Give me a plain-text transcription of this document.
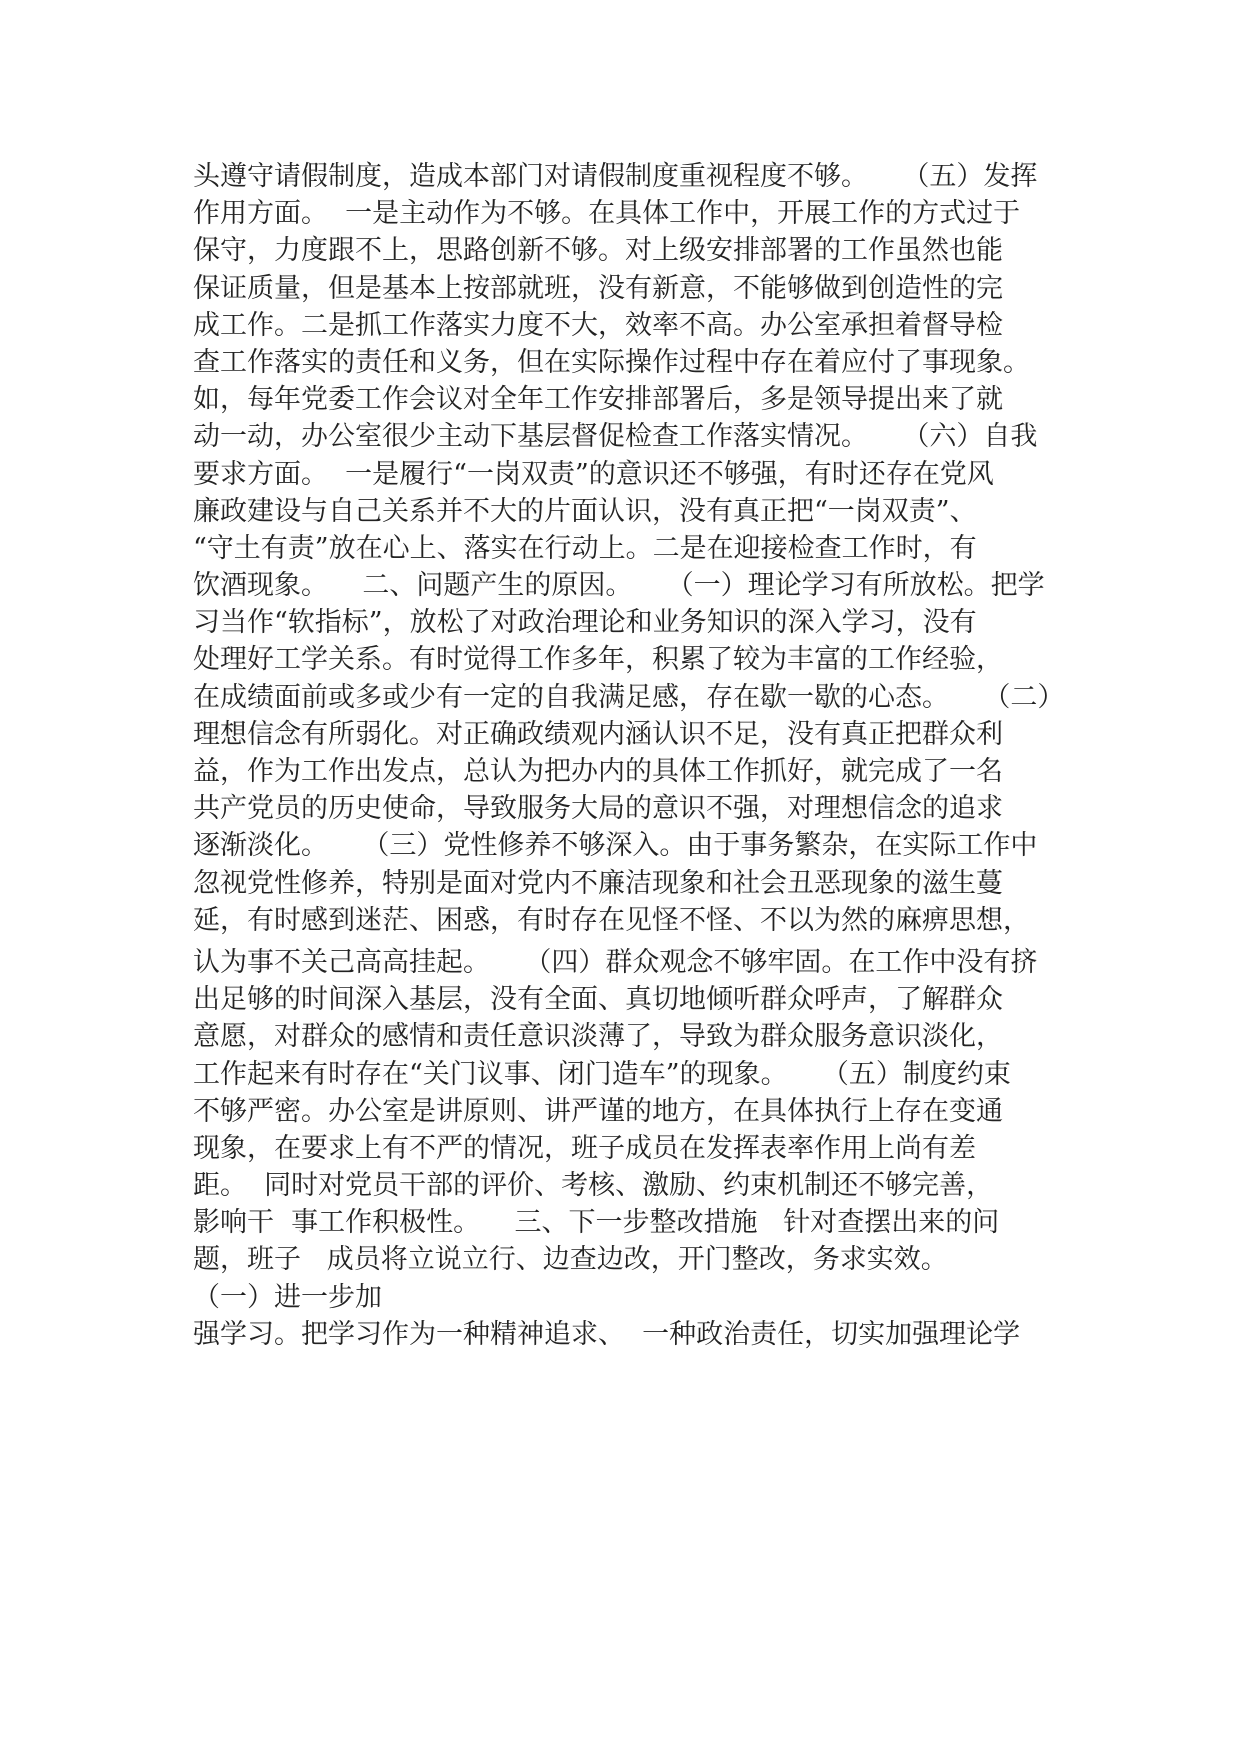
头遵守请假制度，造成本部门对请假制度重视程度不够。    （五）发挥
作用方面。  一是主动作为不够。在具体工作中，开展工作的方式过于
保守，力度跟不上，思路创新不够。对上级安排部署的工作虽然也能
保证质量，但是基本上按部就班，没有新意，不能够做到创造性的完
成工作。二是抓工作落实力度不大，效率不高。办公室承担着督导检
查工作落实的责任和义务，但在实际操作过程中存在着应付了事现象。
如，每年党委工作会议对全年工作安排部署后，多是领导提出来了就
动一动，办公室很少主动下基层督促检查工作落实情况。    （六）自我
要求方面。  一是履行“一岗双责”的意识还不够强，有时还存在党风
廉政建设与自己关系并不大的片面认识，没有真正把“一岗双责”、
“守土有责”放在心上、落实在行动上。二是在迎接检查工作时，有
饮酒现象。    二、问题产生的原因。    （一）理论学习有所放松。把学
习当作“软指标”，放松了对政治理论和业务知识的深入学习，没有
处理好工学关系。有时觉得工作多年，积累了较为丰富的工作经验，
在成绩面前或多或少有一定的自我满足感，存在歇一歇的心态。    （二）
理想信念有所弱化。对正确政绩观内涵认识不足，没有真正把群众利
益，作为工作出发点，总认为把办内的具体工作抓好，就完成了一名
共产党员的历史使命，导致服务大局的意识不强，对理想信念的追求
逐渐淡化。    （三）党性修养不够深入。由于事务繁杂，在实际工作中
忽视党性修养，特别是面对党内不廉洁现象和社会丑恶现象的滋生蔓
延，有时感到迷茫、困惑，有时存在见怪不怪、不以为然的麻痹思想，
认为事不关己高高挂起。    （四）群众观念不够牢固。在工作中没有挤
出足够的时间深入基层，没有全面、真切地倾听群众呼声，了解群众
意愿，对群众的感情和责任意识淡薄了，导致为群众服务意识淡化，
工作起来有时存在“关门议事、闭门造车”的现象。    （五）制度约束
不够严密。办公室是讲原则、讲严谨的地方，在具体执行上存在变通
现象，在要求上有不严的情况，班子成员在发挥表率作用上尚有差
距。  同时对党员干部的评价、考核、激励、约束机制还不够完善，
影响干  事工作积极性。    三、下一步整改措施   针对查摆出来的问
题，班子   成员将立说立行、边查边改，开门整改，务求实效。
（一）进一步加
强学习。把学习作为一种精神追求、  一种政治责任，切实加强理论学
